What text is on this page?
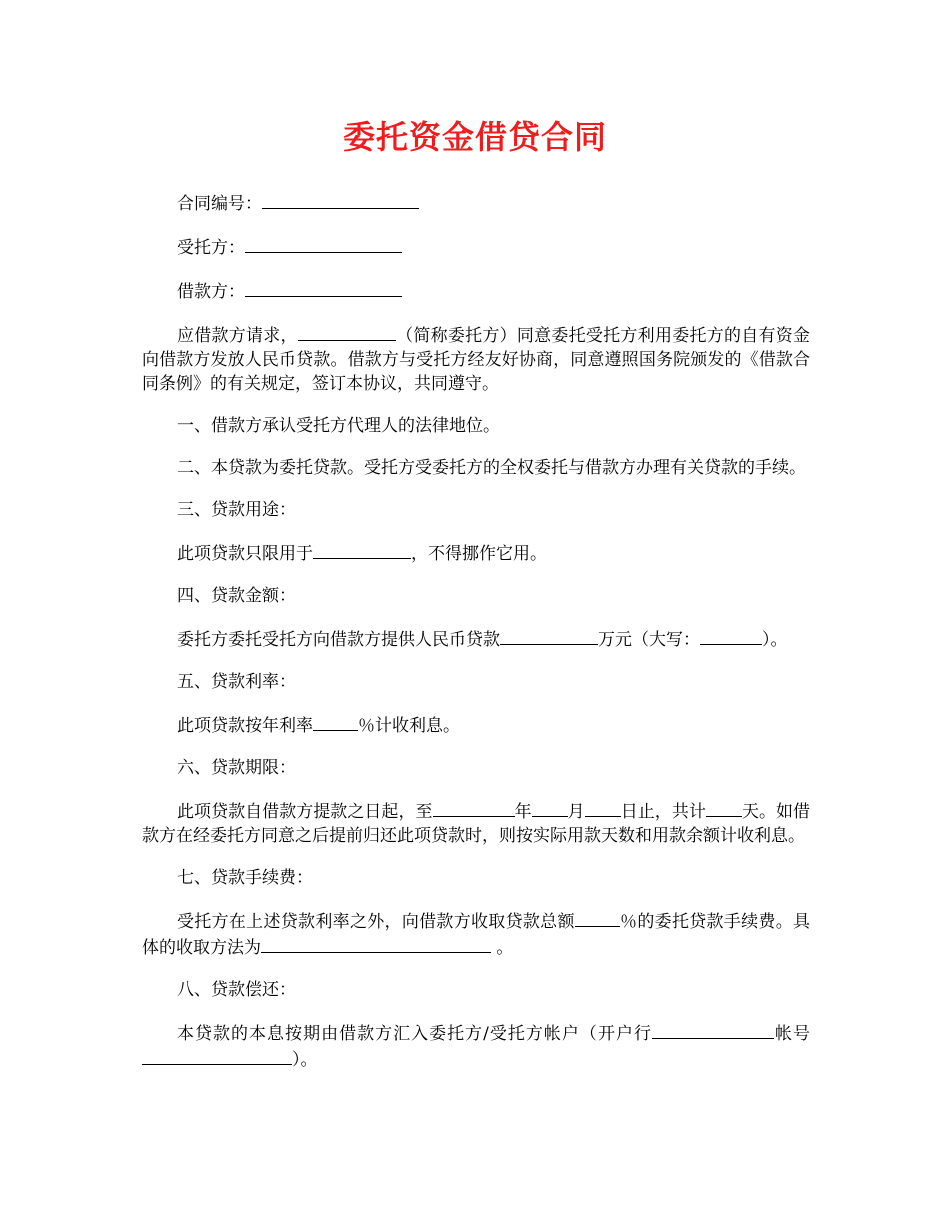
委托资金借贷合同

合同编号：

受托方：

借款方：

应借款方请求，	（简称委托方）同意委托受托方利用委托方的自有资金向借款方发放人民币贷款。借款方与受托方经友好协商，同意遵照国务院颁发的《借款合同条例》的有关规定，签订本协议，共同遵守。

一、借款方承认受托方代理人的法律地位。

二、本贷款为委托贷款。受托方受委托方的全权委托与借款方办理有关贷款的手续。

三、贷款用途：

此项贷款只限用于	，不得挪作它用。

四、贷款金额：

委托方委托受托方向借款方提供人民币贷款	万元（大写：	）。

五、贷款利率：

此项贷款按年利率	％计收利息。

六、贷款期限：

此项贷款自借款方提款之日起，至	年 月 日止，共计 天。如借款方在经委托方同意之后提前归还此项贷款时，则按实际用款天数和用款余额计收利息。

七、贷款手续费：

受托方在上述贷款利率之外，向借款方收取贷款总额	％的委托贷款手续费。具体的收取方法为	。

八、贷款偿还：

本贷款的本息按期由借款方汇入委托方/受托方帐户（开户行	帐号）。
